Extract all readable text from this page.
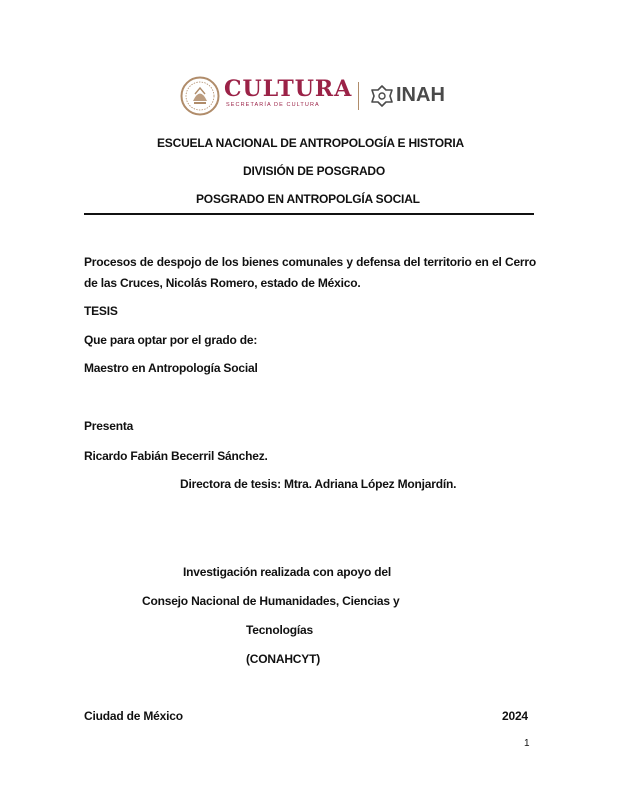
CULTURA
SECRETARÍA DE CULTURA	INAH
ESCUELA NACIONAL DE ANTROPOLOGÍA E HISTORIA
DIVISIÓN DE POSGRADO
POSGRADO EN ANTROPOLGÍA SOCIAL
Procesos de despojo de los bienes comunales y defensa del territorio en el Cerro de las Cruces, Nicolás Romero, estado de México.
TESIS
Que para optar por el grado de:
Maestro en Antropología Social
Presenta
Ricardo Fabián Becerril Sánchez.
Directora de tesis: Mtra. Adriana López Monjardín.
Investigación realizada con apoyo del
Consejo Nacional de Humanidades, Ciencias y
Tecnologías
(CONAHCYT)
Ciudad de México	2024
1
